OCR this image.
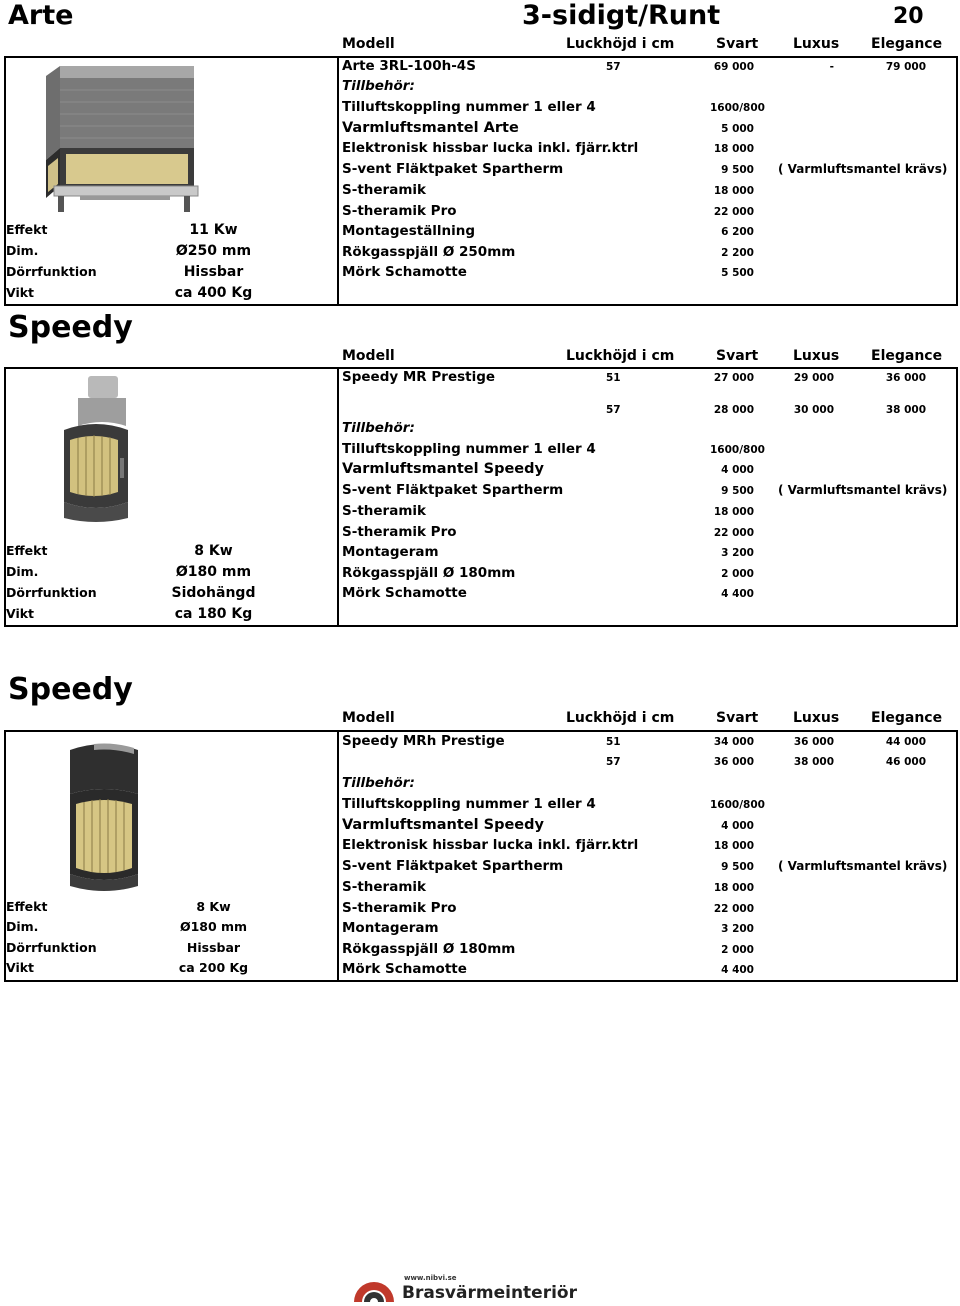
3-sidigt/Runt	20
Arte
Modell	Luckhöjd i cm	Svart Luxus Elegance
Effekt	11 Kw
Dim.	Ø250 mm
Dörrfunktion	Hissbar
Vikt	ca 400 Kg
Arte 3RL-100h-4S	57	69 000	-	79 000
Tillbehör:
Tilluftskoppling nummer 1 eller 4	1600/800
Varmluftsmantel Arte	5 000
Elektronisk hissbar lucka inkl. fjärr.ktrl	18 000
S-vent Fläktpaket Spartherm	9 500 ( Varmluftsmantel krävs)
S-theramik	18 000
S-theramik Pro	22 000
Montageställning	6 200
Rökgasspjäll Ø 250mm	2 200
Mörk Schamotte	5 500
Speedy
Modell	Luckhöjd i cm	Svart Luxus Elegance
Effekt	8 Kw
Dim.	Ø180 mm
Dörrfunktion	Sidohängd
Vikt	ca 180 Kg
Speedy MR Prestige	51	27 000	29 000	36 000
57	28 000	30 000	38 000
Tillbehör:
Tilluftskoppling nummer 1 eller 4	1600/800
Varmluftsmantel Speedy	4 000
S-vent Fläktpaket Spartherm	9 500 ( Varmluftsmantel krävs)
S-theramik	18 000
S-theramik Pro	22 000
Montageram	3 200
Rökgasspjäll Ø 180mm	2 000
Mörk Schamotte	4 400
Speedy
Modell	Luckhöjd i cm	Svart Luxus Elegance
Effekt	8 Kw
Dim.	Ø180 mm
Dörrfunktion	Hissbar
Vikt	ca 200 Kg
Speedy MRh Prestige	51	34 000	36 000	44 000
57	36 000	38 000	46 000
Tillbehör:
Tilluftskoppling nummer 1 eller 4	1600/800
Varmluftsmantel Speedy	4 000
Elektronisk hissbar lucka inkl. fjärr.ktrl	18 000
S-vent Fläktpaket Spartherm	9 500 ( Varmluftsmantel krävs)
S-theramik	18 000
S-theramik Pro	22 000
Montageram	3 200
Rökgasspjäll Ø 180mm	2 000
Mörk Schamotte	4 400
www.nibvi.se
Brasvärmeinteriör
